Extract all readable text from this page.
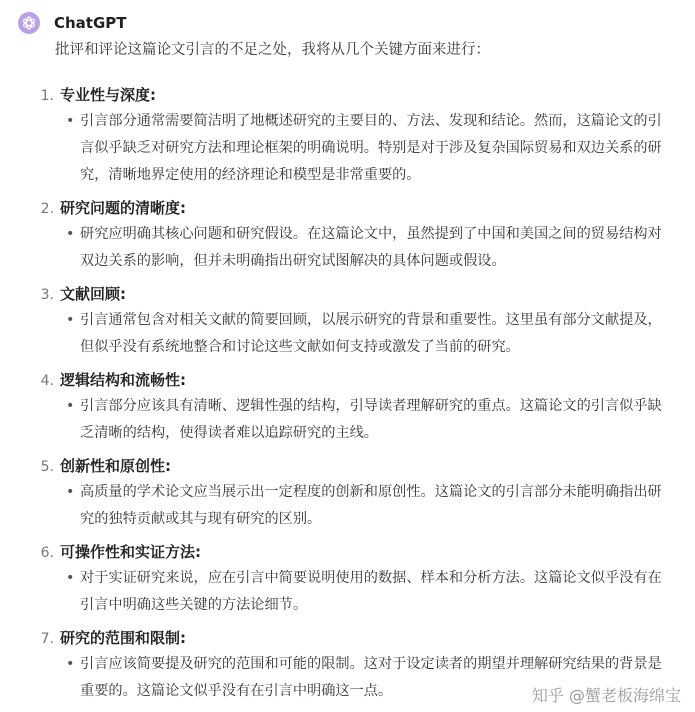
ChatGPT
批评和评论这篇论文引言的不足之处，我将从几个关键方面来进行：
1. 专业性与深度 :
• 引言部分通常需要简洁明了地概述研究的主要目的、方法、发现和结论。然而，这篇论文的引言似乎缺乏对研究方法和理论框架的明确说明。特别是对于涉及复杂国际贸易和双边关系的研究，清晰地界定使用的经济理论和模型是非常重要的。
2. 研究问题的清晰度 :
• 研究应明确其核心问题和研究假设。在这篇论文中，虽然提到了中国和美国之间的贸易结构对双边关系的影响，但并未明确指出研究试图解决的具体问题或假设。
3. 文献回顾 :
• 引言通常包含对相关文献的简要回顾，以展示研究的背景和重要性。这里虽有部分文献提及，但似乎没有系统地整合和讨论这些文献如何支持或激发了当前的研究。
4. 逻辑结构和流畅性 :
• 引言部分应该具有清晰、逻辑性强的结构，引导读者理解研究的重点。这篇论文的引言似乎缺乏清晰的结构，使得读者难以追踪研究的主线。
5. 创新性和原创性 :
• 高质量的学术论文应当展示出一定程度的创新和原创性。这篇论文的引言部分未能明确指出研究的独特贡献或其与现有研究的区别。
6. 可操作性和实证方法 :
• 对于实证研究来说，应在引言中简要说明使用的数据、样本和分析方法。这篇论文似乎没有在引言中明确这些关键的方法论细节。
7. 研究的范围和限制 :
• 引言应该简要提及研究的范围和可能的限制。这对于设定读者的期望并理解研究结果的背景是重要的。这篇论文似乎没有在引言中明确这一点。	知乎 @蟹老板海绵宝
